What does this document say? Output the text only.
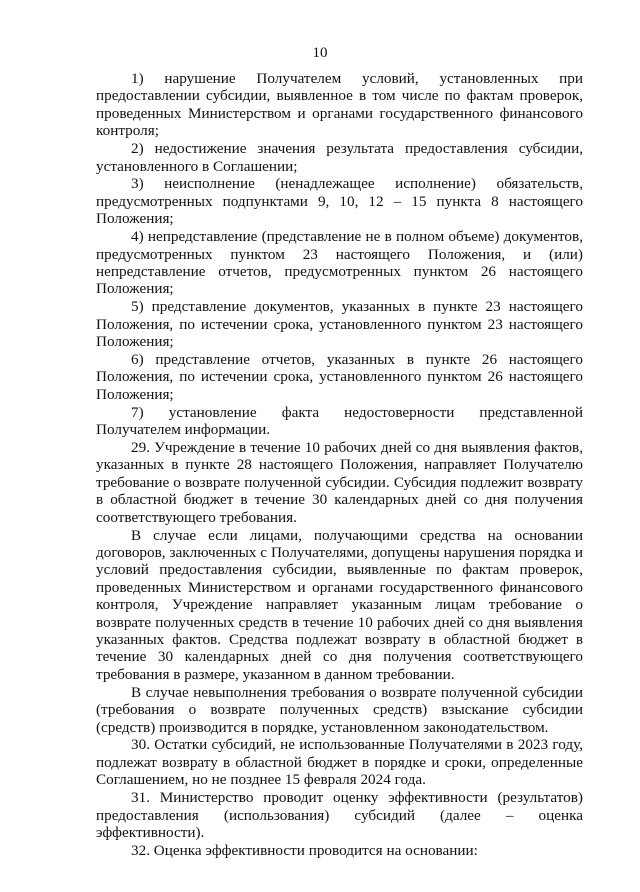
10

1) нарушение Получателем условий, установленных при предоставлении субсидии, выявленное в том числе по фактам проверок, проведенных Министерством и органами государственного финансового контроля;

2) недостижение значения результата предоставления субсидии, установленного в Соглашении;

3) неисполнение (ненадлежащее исполнение) обязательств, предусмотренных подпунктами 9, 10, 12 – 15 пункта 8 настоящего Положения;

4) непредставление (представление не в полном объеме) документов, предусмотренных пунктом 23 настоящего Положения, и (или) непредставление отчетов, предусмотренных пунктом 26 настоящего Положения;

5) представление документов, указанных в пункте 23 настоящего Положения, по истечении срока, установленного пунктом 23 настоящего Положения;

6) представление отчетов, указанных в пункте 26 настоящего Положения, по истечении срока, установленного пунктом 26 настоящего Положения;

7) установление факта недостоверности представленной Получателем информации.

29. Учреждение в течение 10 рабочих дней со дня выявления фактов, указанных в пункте 28 настоящего Положения, направляет Получателю требование о возврате полученной субсидии. Субсидия подлежит возврату в областной бюджет в течение 30 календарных дней со дня получения соответствующего требования.

В случае если лицами, получающими средства на основании договоров, заключенных с Получателями, допущены нарушения порядка и условий предоставления субсидии, выявленные по фактам проверок, проведенных Министерством и органами государственного финансового контроля, Учреждение направляет указанным лицам требование о возврате полученных средств в течение 10 рабочих дней со дня выявления указанных фактов. Средства подлежат возврату в областной бюджет в течение 30 календарных дней со дня получения соответствующего требования в размере, указанном в данном требовании.

В случае невыполнения требования о возврате полученной субсидии (требования о возврате полученных средств) взыскание субсидии (средств) производится в порядке, установленном законодательством.

30. Остатки субсидий, не использованные Получателями в 2023 году, подлежат возврату в областной бюджет в порядке и сроки, определенные Соглашением, но не позднее 15 февраля 2024 года.

31. Министерство проводит оценку эффективности (результатов) предоставления (использования) субсидий (далее – оценка эффективности).

32. Оценка эффективности проводится на основании:
